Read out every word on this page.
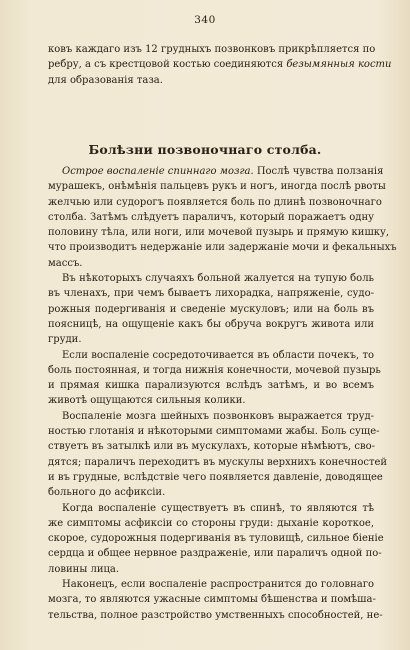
340
ковъ каждаго изъ 12 грудныхъ позвонковъ прикрѣпляется по
ребру, а съ крестцовой костью соединяются безымянныя кости
для образованія таза.
Болѣзни позвоночнаго столба.
Острое воспаленіе спиннаго мозга. Послѣ чувства ползанія
мурашекъ, онѣмѣнія пальцевъ рукъ и ногъ, иногда послѣ рвоты
желчью или судорогъ появляется боль по длинѣ позвоночнаго
столба. Затѣмъ слѣдуетъ параличъ, который поражаетъ одну
половину тѣла, или ноги, или мочевой пузырь и прямую кишку,
что производитъ недержаніе или задержаніе мочи и фекальныхъ
массъ.
Въ нѣкоторыхъ случаяхъ больной жалуется на тупую боль
въ членахъ, при чемъ бываетъ лихорадка, напряженіе, судо-
рожныя подергиванія и сведеніе мускуловъ; или на боль въ
поясницѣ, на ощущеніе какъ бы обруча вокругъ живота или
груди.
Если воспаленіе сосредоточивается въ области почекъ, то
боль постоянная, и тогда нижнія конечности, мочевой пузырь
и прямая кишка парализуются вслѣдъ затѣмъ, и во всемъ
животѣ ощущаются сильныя колики.
Воспаленіе мозга шейныхъ позвонковъ выражается труд-
ностью глотанія и нѣкоторыми симптомами жабы. Боль суще-
ствуетъ въ затылкѣ или въ мускулахъ, которые нѣмѣютъ, сво-
дятся; параличъ переходитъ въ мускулы верхнихъ конечностей
и въ грудные, вслѣдствіе чего появляется давленіе, доводящее
больного до асфиксіи.
Когда воспаленіе существуетъ въ спинѣ, то являются тѣ
же симптомы асфиксіи со стороны груди: дыханіе короткое,
скорое, судорожныя подергиванія въ туловищѣ, сильное біеніе
сердца и общее нервное раздраженіе, или параличъ одной по-
ловины лица.
Наконецъ, если воспаленіе распространится до головнаго
мозга, то являются ужасные симптомы бѣшенства и помѣша-
тельства, полное разстройство умственныхъ способностей, не-
